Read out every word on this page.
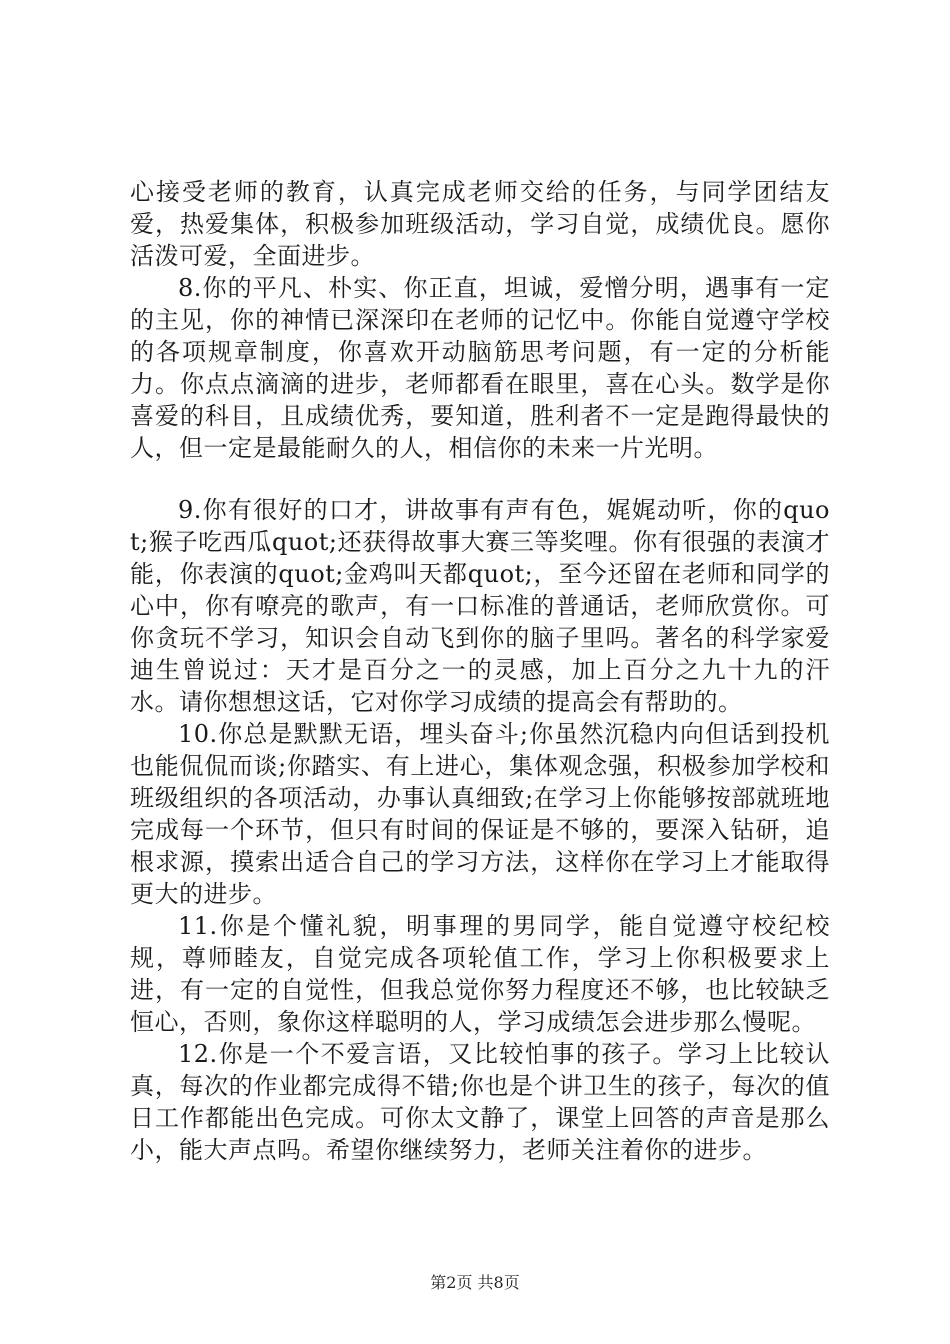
心接受老师的教育，认真完成老师交给的任务，与同学团结友爱，热爱集体，积极参加班级活动，学习自觉，成绩优良。愿你活泼可爱，全面进步。

8.你的平凡、朴实、你正直，坦诚，爱憎分明，遇事有一定的主见，你的神情已深深印在老师的记忆中。你能自觉遵守学校的各项规章制度，你喜欢开动脑筋思考问题，有一定的分析能力。你点点滴滴的进步，老师都看在眼里，喜在心头。数学是你喜爱的科目，且成绩优秀，要知道，胜利者不一定是跑得最快的人，但一定是最能耐久的人，相信你的未来一片光明。

9.你有很好的口才，讲故事有声有色，娓娓动听，你的quot;猴子吃西瓜quot;还获得故事大赛三等奖哩。你有很强的表演才能，你表演的quot;金鸡叫天都quot;，至今还留在老师和同学的心中，你有嘹亮的歌声，有一口标准的普通话，老师欣赏你。可你贪玩不学习，知识会自动飞到你的脑子里吗。著名的科学家爱迪生曾说过：天才是百分之一的灵感，加上百分之九十九的汗水。请你想想这话，它对你学习成绩的提高会有帮助的。

10.你总是默默无语，埋头奋斗;你虽然沉稳内向但话到投机也能侃侃而谈;你踏实、有上进心，集体观念强，积极参加学校和班级组织的各项活动，办事认真细致;在学习上你能够按部就班地完成每一个环节，但只有时间的保证是不够的，要深入钻研，追根求源，摸索出适合自己的学习方法，这样你在学习上才能取得更大的进步。

11.你是个懂礼貌，明事理的男同学，能自觉遵守校纪校规，尊师睦友，自觉完成各项轮值工作，学习上你积极要求上进，有一定的自觉性，但我总觉你努力程度还不够，也比较缺乏恒心，否则，象你这样聪明的人，学习成绩怎会进步那么慢呢。

12.你是一个不爱言语，又比较怕事的孩子。学习上比较认真，每次的作业都完成得不错;你也是个讲卫生的孩子，每次的值日工作都能出色完成。可你太文静了，课堂上回答的声音是那么小，能大声点吗。希望你继续努力，老师关注着你的进步。

第2页 共8页
